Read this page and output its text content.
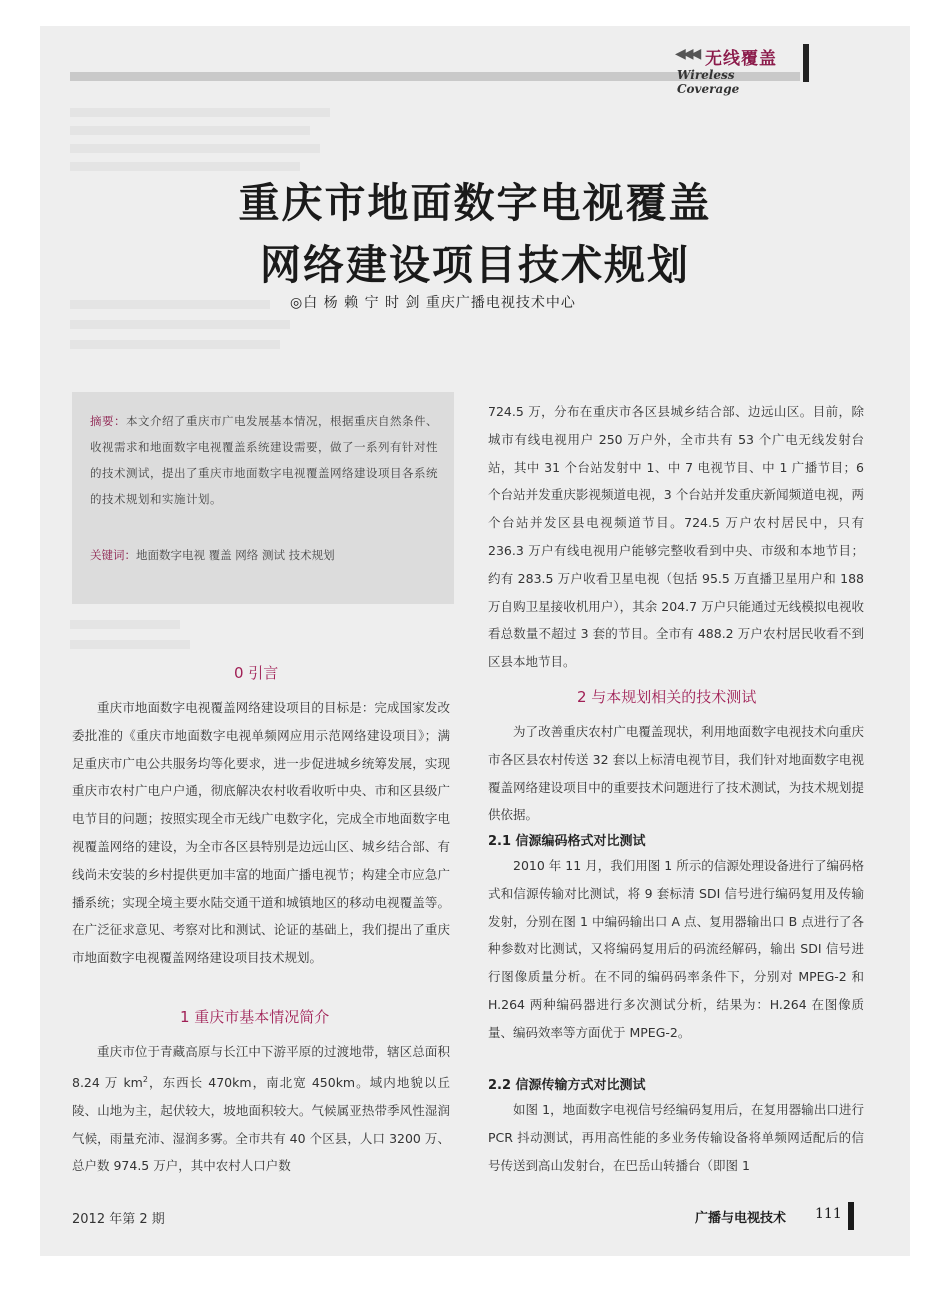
◀◀◀ 无线覆盖
Wireless Coverage
重庆市地面数字电视覆盖
网络建设项目技术规划
◎白 杨 赖 宁 时 剑 重庆广播电视技术中心
摘要：本文介绍了重庆市广电发展基本情况，根据重庆自然条件、收视需求和地面数字电视覆盖系统建设需要，做了一系列有针对性的技术测试，提出了重庆市地面数字电视覆盖网络建设项目各系统的技术规划和实施计划。
关键词：地面数字电视 覆盖 网络 测试 技术规划
0 引言
重庆市地面数字电视覆盖网络建设项目的目标是：完成国家发改委批准的《重庆市地面数字电视单频网应用示范网络建设项目》；满足重庆市广电公共服务均等化要求，进一步促进城乡统筹发展，实现重庆市农村广电户户通，彻底解决农村收看收听中央、市和区县级广电节目的问题；按照实现全市无线广电数字化，完成全市地面数字电视覆盖网络的建设，为全市各区县特别是边远山区、城乡结合部、有线尚未安装的乡村提供更加丰富的地面广播电视节；构建全市应急广播系统；实现全境主要水陆交通干道和城镇地区的移动电视覆盖等。在广泛征求意见、考察对比和测试、论证的基础上，我们提出了重庆市地面数字电视覆盖网络建设项目技术规划。
1 重庆市基本情况简介
重庆市位于青藏高原与长江中下游平原的过渡地带，辖区总面积 8.24 万 $km^2$，东西长 470km，南北宽 450km。域内地貌以丘陵、山地为主，起伏较大，坡地面积较大。气候属亚热带季风性湿润气候，雨量充沛、湿润多雾。全市共有 40 个区县，人口 3200 万、总户数 974.5 万户，其中农村人口户数
724.5 万，分布在重庆市各区县城乡结合部、边远山区。目前，除城市有线电视用户 250 万户外，全市共有 53 个广电无线发射台站，其中 31 个台站发射中 1、中 7 电视节目、中 1 广播节目；6 个台站并发重庆影视频道电视，3 个台站并发重庆新闻频道电视，两个台站并发区县电视频道节目。724.5 万户农村居民中，只有 236.3 万户有线电视用户能够完整收看到中央、市级和本地节目；约有 283.5 万户收看卫星电视（包括 95.5 万直播卫星用户和 188 万自购卫星接收机用户），其余 204.7 万户只能通过无线模拟电视收看总数量不超过 3 套的节目。全市有 488.2 万户农村居民收看不到区县本地节目。
2 与本规划相关的技术测试
为了改善重庆农村广电覆盖现状，利用地面数字电视技术向重庆市各区县农村传送 32 套以上标清电视节目，我们针对地面数字电视覆盖网络建设项目中的重要技术问题进行了技术测试，为技术规划提供依据。
2.1 信源编码格式对比测试
2010 年 11 月，我们用图 1 所示的信源处理设备进行了编码格式和信源传输对比测试，将 9 套标清 SDI 信号进行编码复用及传输发射，分别在图 1 中编码输出口 A 点、复用器输出口 B 点进行了各种参数对比测试，又将编码复用后的码流经解码，输出 SDI 信号进行图像质量分析。在不同的编码码率条件下，分别对 MPEG-2 和 H.264 两种编码器进行多次测试分析，结果为：H.264 在图像质量、编码效率等方面优于 MPEG-2。
2.2 信源传输方式对比测试
如图 1，地面数字电视信号经编码复用后，在复用器输出口进行 PCR 抖动测试，再用高性能的多业务传输设备将单频网适配后的信号传送到高山发射台，在巴岳山转播台（即图 1
2012 年第 2 期	广播与电视技术 111
